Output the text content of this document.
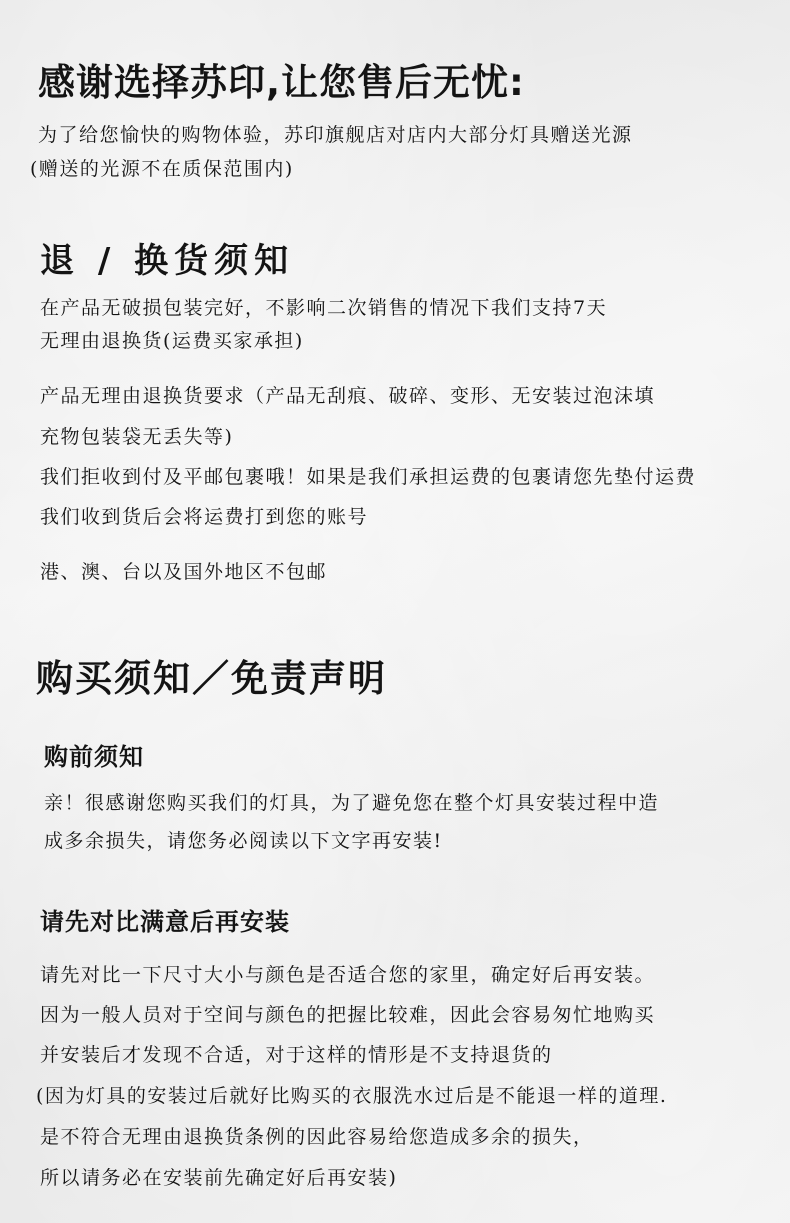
感谢选择苏印,让您售后无忧:

为了给您愉快的购物体验，苏印旗舰店对店内大部分灯具赠送光源

(赠送的光源不在质保范围内)

退 / 换货须知

在产品无破损包装完好，不影响二次销售的情况下我们支持7天

无理由退换货(运费买家承担)

产品无理由退换货要求（产品无刮痕、破碎、变形、无安装过泡沫填

充物包装袋无丢失等)

我们拒收到付及平邮包裹哦！如果是我们承担运费的包裹请您先垫付运费

我们收到货后会将运费打到您的账号

港、澳、台以及国外地区不包邮

购买须知／免责声明
购前须知

亲！很感谢您购买我们的灯具，为了避免您在整个灯具安装过程中造

成多余损失，请您务必阅读以下文字再安装!

请先对比满意后再安装

请先对比一下尺寸大小与颜色是否适合您的家里，确定好后再安装。

因为一般人员对于空间与颜色的把握比较难，因此会容易匆忙地购买

并安装后才发现不合适，对于这样的情形是不支持退货的

(因为灯具的安装过后就好比购买的衣服洗水过后是不能退一样的道理.

是不符合无理由退换货条例的因此容易给您造成多余的损失，

所以请务必在安装前先确定好后再安装)
